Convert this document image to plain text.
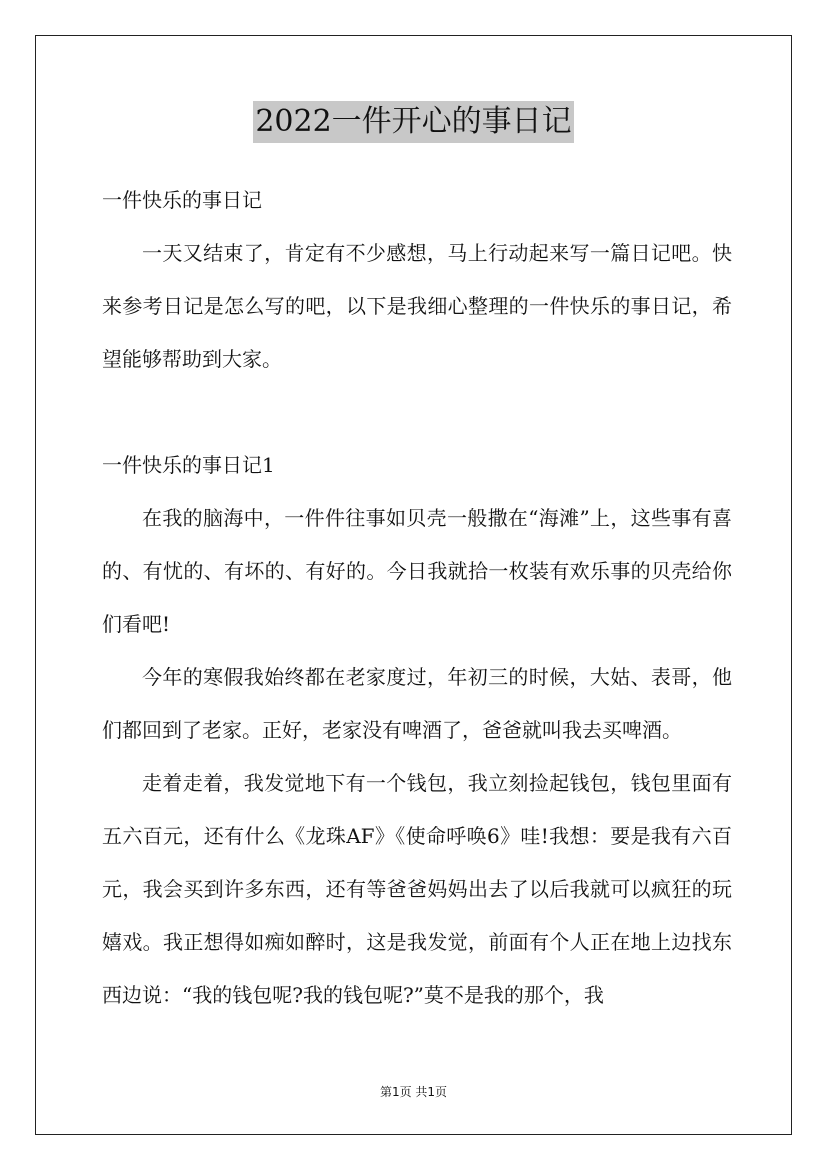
2022一件开心的事日记

一件快乐的事日记

一天又结束了，肯定有不少感想，马上行动起来写一篇日记吧。快来参考日记是怎么写的吧，以下是我细心整理的一件快乐的事日记，希望能够帮助到大家。

一件快乐的事日记1

在我的脑海中，一件件往事如贝壳一般撒在“海滩”上，这些事有喜的、有忧的、有坏的、有好的。今日我就拾一枚装有欢乐事的贝壳给你们看吧!

今年的寒假我始终都在老家度过，年初三的时候，大姑、表哥，他们都回到了老家。正好，老家没有啤酒了，爸爸就叫我去买啤酒。

走着走着，我发觉地下有一个钱包，我立刻捡起钱包，钱包里面有五六百元，还有什么《龙珠AF》《使命呼唤6》哇!我想：要是我有六百元，我会买到许多东西，还有等爸爸妈妈出去了以后我就可以疯狂的玩嬉戏。我正想得如痴如醉时，这是我发觉，前面有个人正在地上边找东西边说：“我的钱包呢?我的钱包呢?”莫不是我的那个，我

第1页 共1页
